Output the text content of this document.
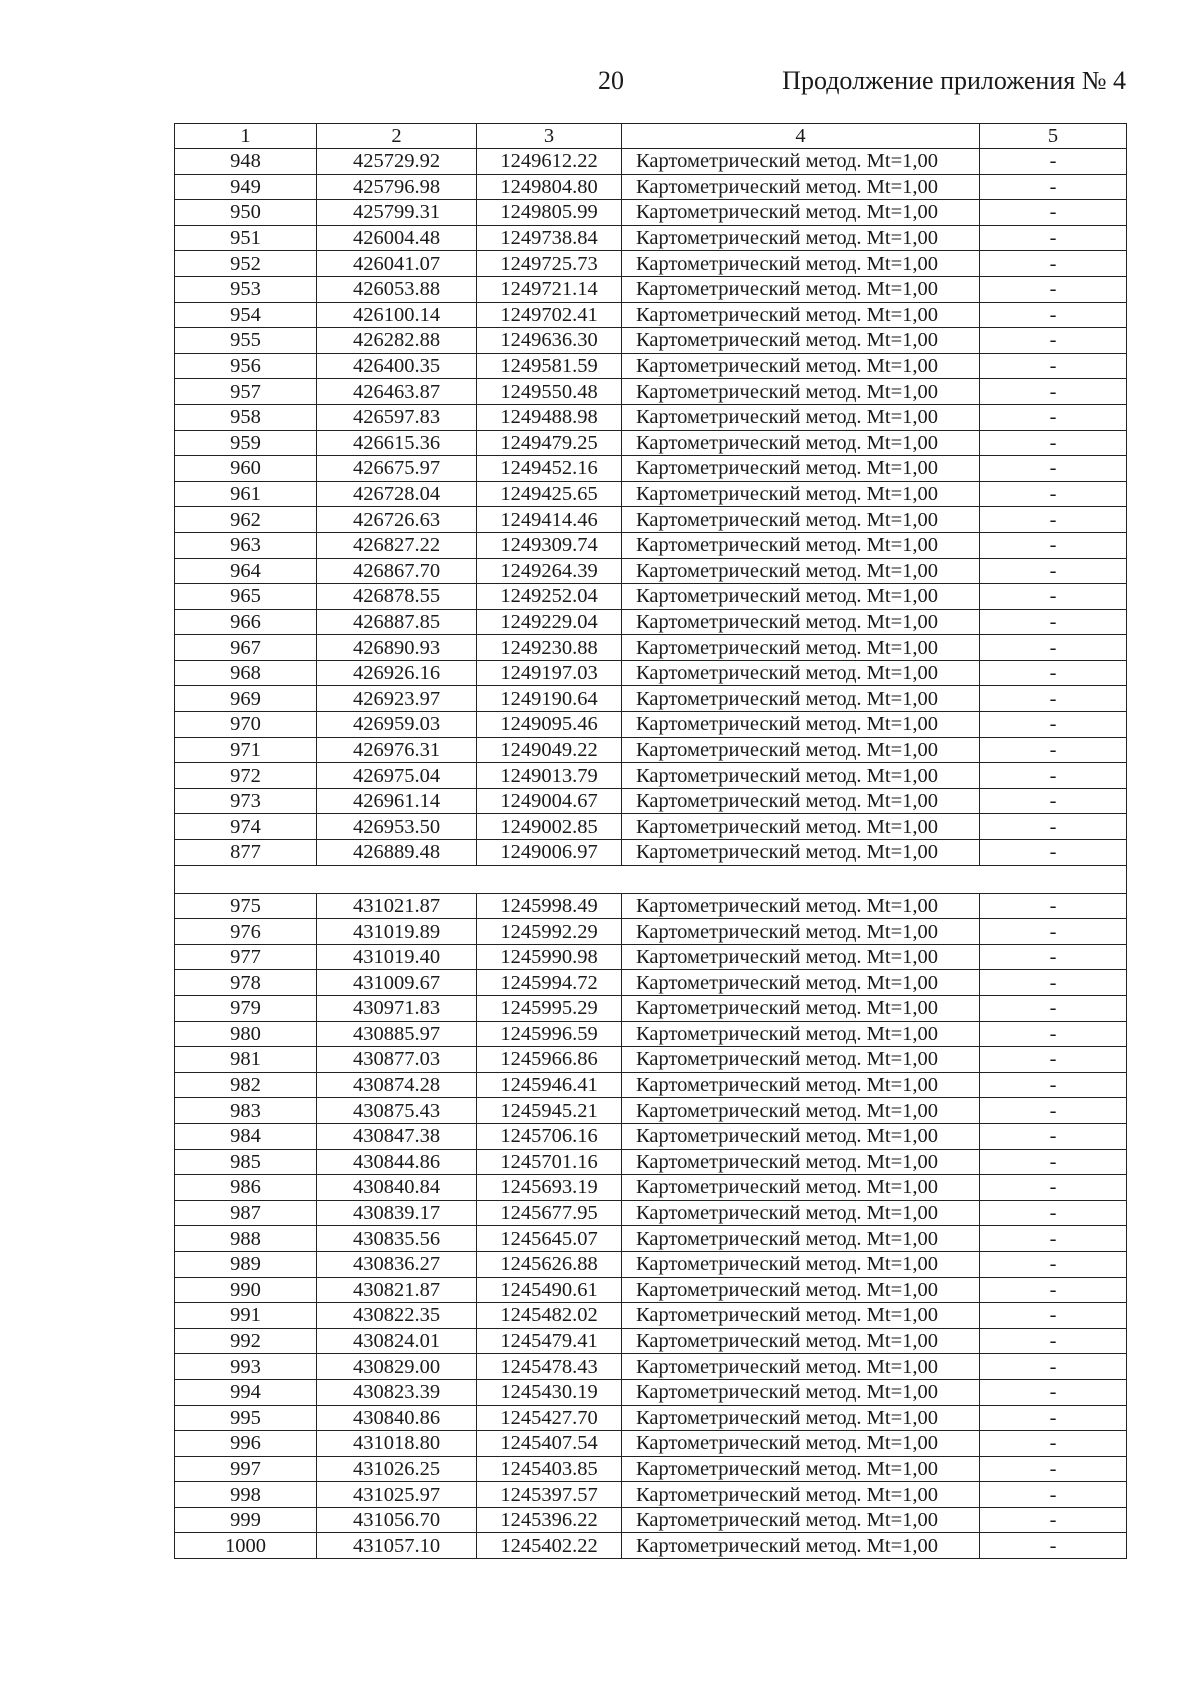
20	Продолжение приложения № 4
1	2	3	4	5
948	425729.92	1249612.22	Картометрический метод. Mt=1,00	-
949	425796.98	1249804.80	Картометрический метод. Mt=1,00	-
950	425799.31	1249805.99	Картометрический метод. Mt=1,00	-
951	426004.48	1249738.84	Картометрический метод. Mt=1,00	-
952	426041.07	1249725.73	Картометрический метод. Mt=1,00	-
953	426053.88	1249721.14	Картометрический метод. Mt=1,00	-
954	426100.14	1249702.41	Картометрический метод. Mt=1,00	-
955	426282.88	1249636.30	Картометрический метод. Mt=1,00	-
956	426400.35	1249581.59	Картометрический метод. Mt=1,00	-
957	426463.87	1249550.48	Картометрический метод. Mt=1,00	-
958	426597.83	1249488.98	Картометрический метод. Mt=1,00	-
959	426615.36	1249479.25	Картометрический метод. Mt=1,00	-
960	426675.97	1249452.16	Картометрический метод. Mt=1,00	-
961	426728.04	1249425.65	Картометрический метод. Mt=1,00	-
962	426726.63	1249414.46	Картометрический метод. Mt=1,00	-
963	426827.22	1249309.74	Картометрический метод. Mt=1,00	-
964	426867.70	1249264.39	Картометрический метод. Mt=1,00	-
965	426878.55	1249252.04	Картометрический метод. Mt=1,00	-
966	426887.85	1249229.04	Картометрический метод. Mt=1,00	-
967	426890.93	1249230.88	Картометрический метод. Mt=1,00	-
968	426926.16	1249197.03	Картометрический метод. Mt=1,00	-
969	426923.97	1249190.64	Картометрический метод. Mt=1,00	-
970	426959.03	1249095.46	Картометрический метод. Mt=1,00	-
971	426976.31	1249049.22	Картометрический метод. Mt=1,00	-
972	426975.04	1249013.79	Картометрический метод. Mt=1,00	-
973	426961.14	1249004.67	Картометрический метод. Mt=1,00	-
974	426953.50	1249002.85	Картометрический метод. Mt=1,00	-
877	426889.48	1249006.97	Картометрический метод. Mt=1,00	-

975	431021.87	1245998.49	Картометрический метод. Mt=1,00	-
976	431019.89	1245992.29	Картометрический метод. Mt=1,00	-
977	431019.40	1245990.98	Картометрический метод. Mt=1,00	-
978	431009.67	1245994.72	Картометрический метод. Mt=1,00	-
979	430971.83	1245995.29	Картометрический метод. Mt=1,00	-
980	430885.97	1245996.59	Картометрический метод. Mt=1,00	-
981	430877.03	1245966.86	Картометрический метод. Mt=1,00	-
982	430874.28	1245946.41	Картометрический метод. Mt=1,00	-
983	430875.43	1245945.21	Картометрический метод. Mt=1,00	-
984	430847.38	1245706.16	Картометрический метод. Mt=1,00	-
985	430844.86	1245701.16	Картометрический метод. Mt=1,00	-
986	430840.84	1245693.19	Картометрический метод. Mt=1,00	-
987	430839.17	1245677.95	Картометрический метод. Mt=1,00	-
988	430835.56	1245645.07	Картометрический метод. Mt=1,00	-
989	430836.27	1245626.88	Картометрический метод. Mt=1,00	-
990	430821.87	1245490.61	Картометрический метод. Mt=1,00	-
991	430822.35	1245482.02	Картометрический метод. Mt=1,00	-
992	430824.01	1245479.41	Картометрический метод. Mt=1,00	-
993	430829.00	1245478.43	Картометрический метод. Mt=1,00	-
994	430823.39	1245430.19	Картометрический метод. Mt=1,00	-
995	430840.86	1245427.70	Картометрический метод. Mt=1,00	-
996	431018.80	1245407.54	Картометрический метод. Mt=1,00	-
997	431026.25	1245403.85	Картометрический метод. Mt=1,00	-
998	431025.97	1245397.57	Картометрический метод. Mt=1,00	-
999	431056.70	1245396.22	Картометрический метод. Mt=1,00	-
1000	431057.10	1245402.22	Картометрический метод. Mt=1,00	-
